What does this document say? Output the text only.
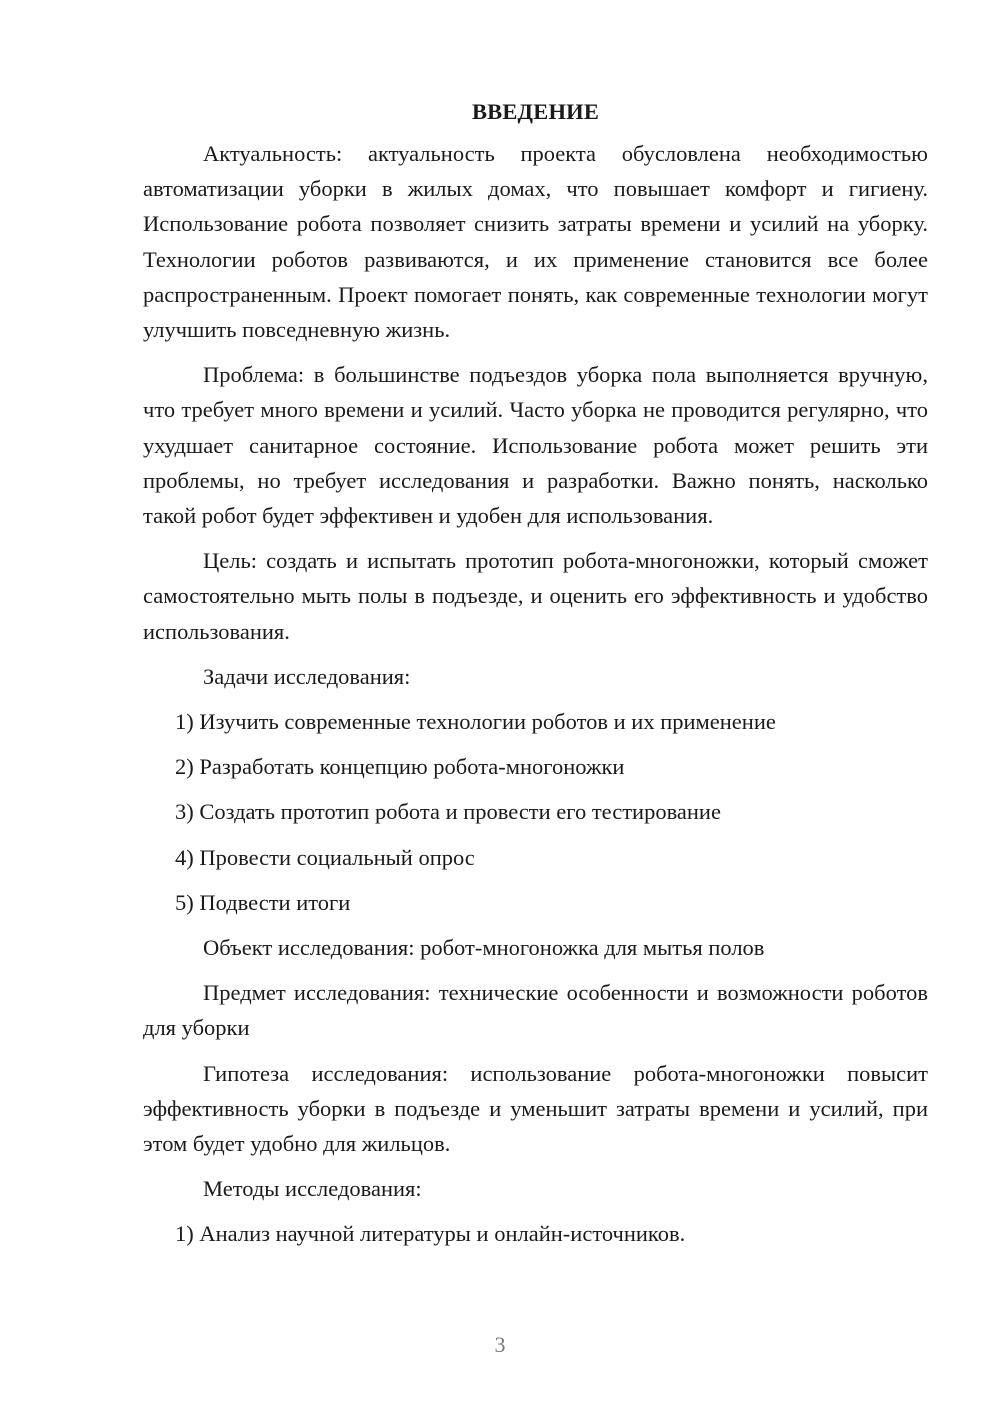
ВВЕДЕНИЕ

Актуальность: актуальность проекта обусловлена необходимостью автоматизации уборки в жилых домах, что повышает комфорт и гигиену. Использование робота позволяет снизить затраты времени и усилий на уборку. Технологии роботов развиваются, и их применение становится все более распространенным. Проект помогает понять, как современные технологии могут улучшить повседневную жизнь.

Проблема: в большинстве подъездов уборка пола выполняется вручную, что требует много времени и усилий. Часто уборка не проводится регулярно, что ухудшает санитарное состояние. Использование робота может решить эти проблемы, но требует исследования и разработки. Важно понять, насколько такой робот будет эффективен и удобен для использования.

Цель: создать и испытать прототип робота-многоножки, который сможет самостоятельно мыть полы в подъезде, и оценить его эффективность и удобство использования.

Задачи исследования:
1) Изучить современные технологии роботов и их применение
2) Разработать концепцию робота-многоножки
3) Создать прототип робота и провести его тестирование
4) Провести социальный опрос
5) Подвести итоги

Объект исследования: робот-многоножка для мытья полов

Предмет исследования: технические особенности и возможности роботов для уборки

Гипотеза исследования: использование робота-многоножки повысит эффективность уборки в подъезде и уменьшит затраты времени и усилий, при этом будет удобно для жильцов.

Методы исследования:
1) Анализ научной литературы и онлайн-источников.
3
